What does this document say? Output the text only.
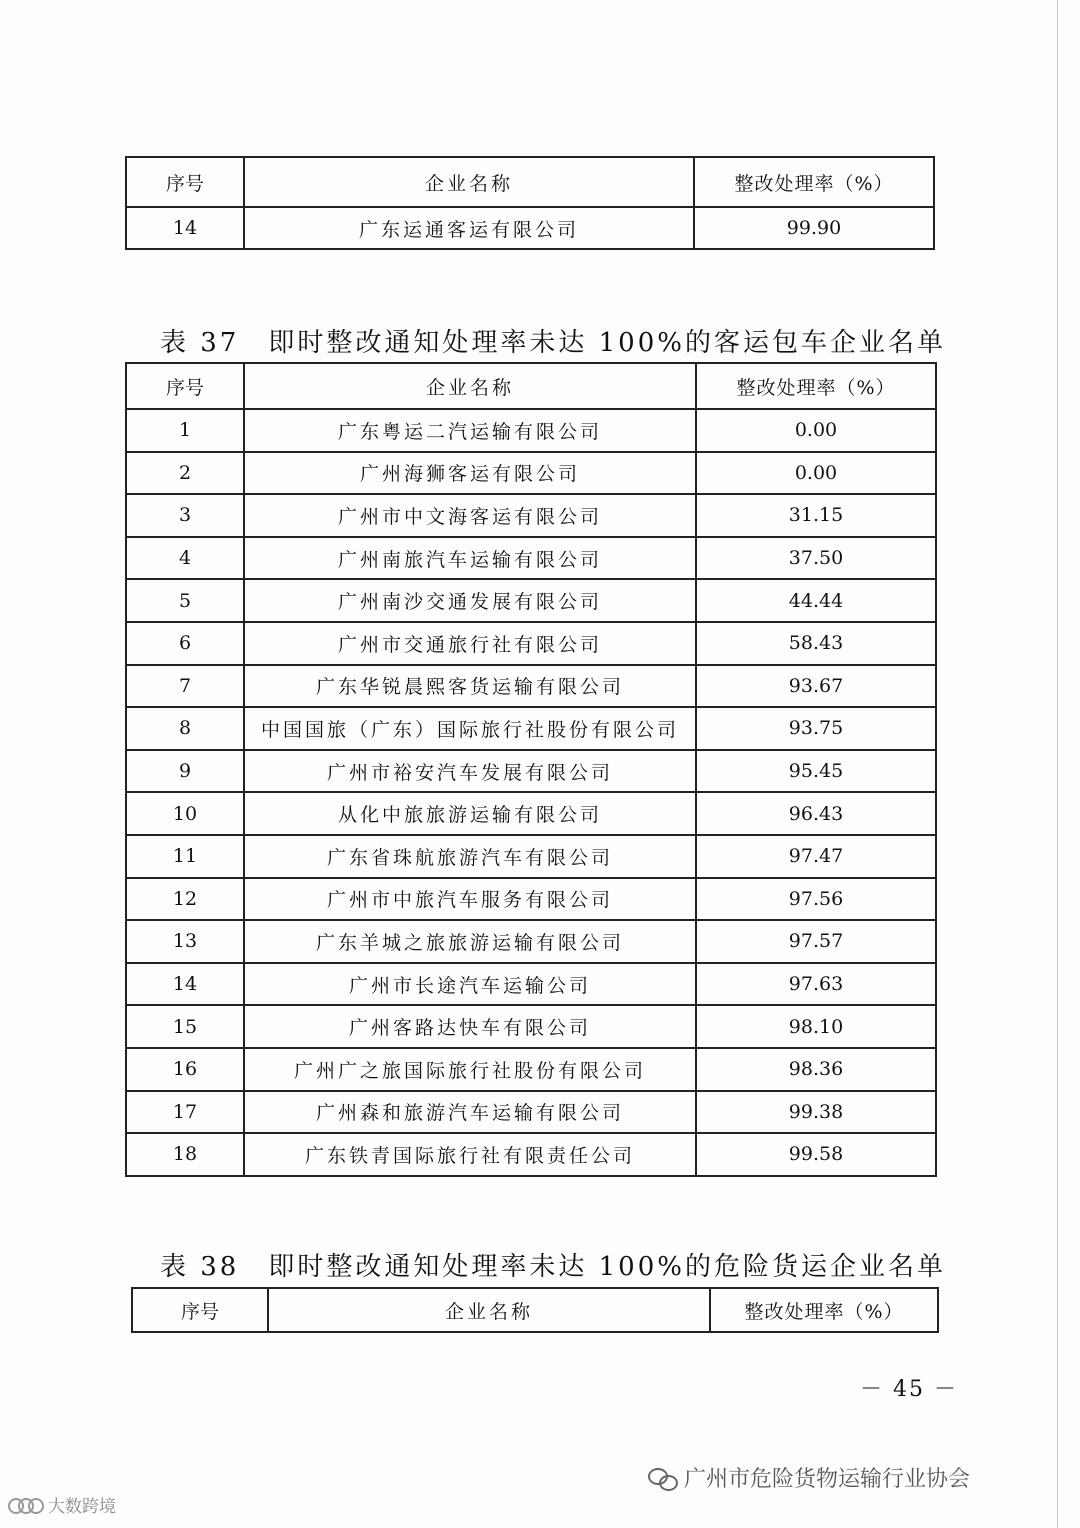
序号	企业名称	整改处理率（%）
14	广东运通客运有限公司	99.90
表 37　即时整改通知处理率未达 100%的客运包车企业名单
序号	企业名称	整改处理率（%）
1	广东粤运二汽运输有限公司	0.00
2	广州海狮客运有限公司	0.00
3	广州市中文海客运有限公司	31.15
4	广州南旅汽车运输有限公司	37.50
5	广州南沙交通发展有限公司	44.44
6	广州市交通旅行社有限公司	58.43
7	广东华锐晨熙客货运输有限公司	93.67
8	中国国旅（广东）国际旅行社股份有限公司	93.75
9	广州市裕安汽车发展有限公司	95.45
10	从化中旅旅游运输有限公司	96.43
11	广东省珠航旅游汽车有限公司	97.47
12	广州市中旅汽车服务有限公司	97.56
13	广东羊城之旅旅游运输有限公司	97.57
14	广州市长途汽车运输公司	97.63
15	广州客路达快车有限公司	98.10
16	广州广之旅国际旅行社股份有限公司	98.36
17	广州森和旅游汽车运输有限公司	99.38
18	广东铁青国际旅行社有限责任公司	99.58
表 38　即时整改通知处理率未达 100%的危险货运企业名单
序号	企业名称	整改处理率（%）
－ 45 －
广州市危险货物运输行业协会
大数跨境
